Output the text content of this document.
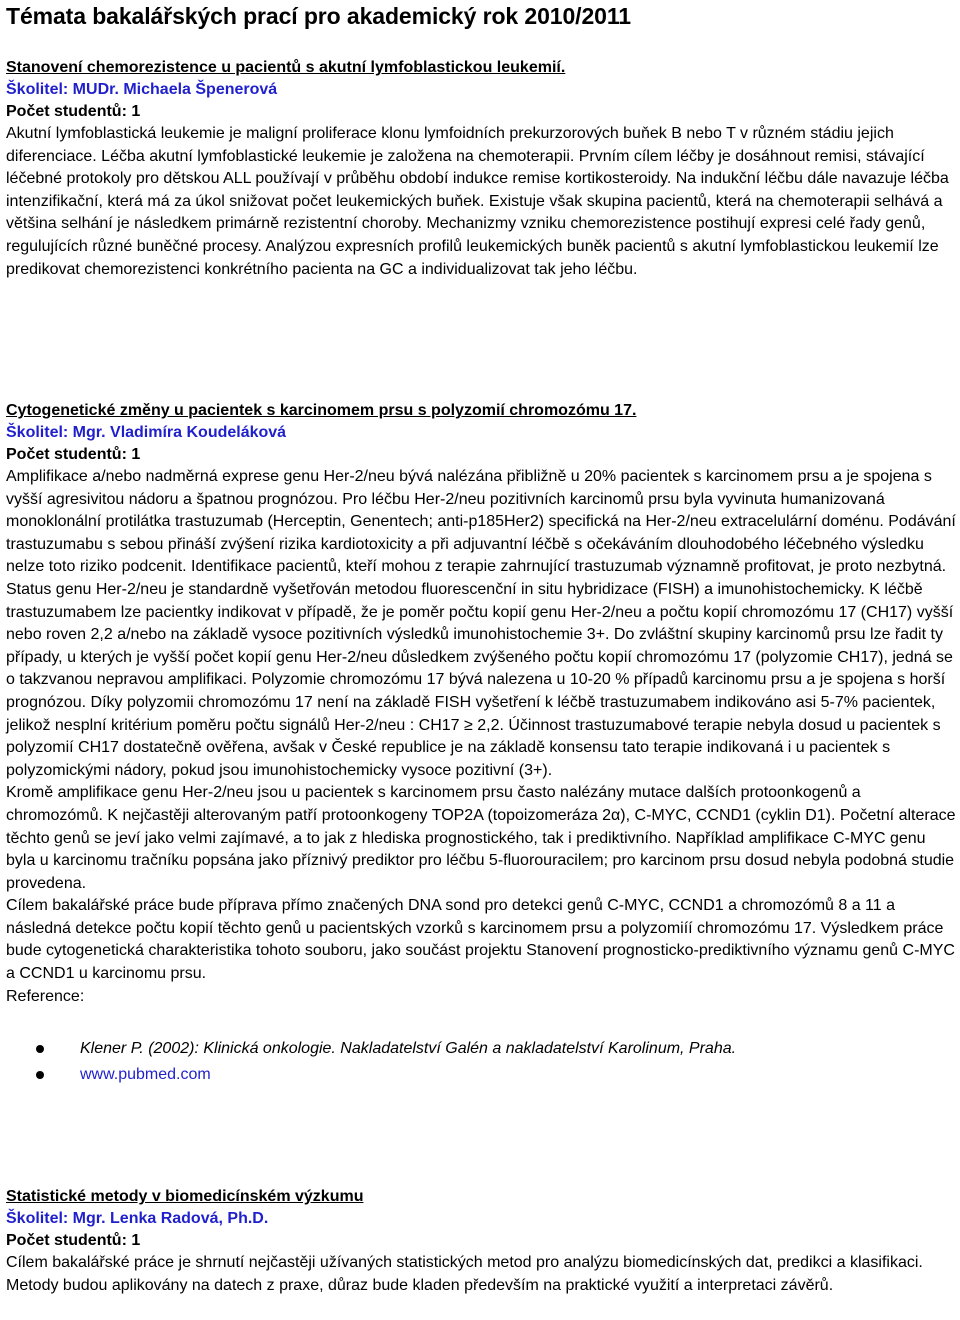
Témata bakalářských prací pro akademický rok 2010/2011
Stanovení chemorezistence u pacientů s akutní lymfoblastickou leukemií.
Školitel: MUDr. Michaela Špenerová
Počet studentů: 1

Akutní lymfoblastická leukemie je maligní proliferace klonu lymfoidních prekurzorových buňek B nebo T v různém stádiu jejich diferenciace. Léčba akutní lymfoblastické leukemie je založena na chemoterapii. Prvním cílem léčby je dosáhnout remisi, stávající léčebné protokoly pro dětskou ALL používají v průběhu období indukce remise kortikosteroidy. Na indukční léčbu dále navazuje léčba intenzifikační, která má za úkol snižovat počet leukemických buňek. Existuje však skupina pacientů, která na chemoterapii selhává a většina selhání je následkem primárně rezistentní choroby. Mechanizmy vzniku chemorezistence postihují expresi celé řady genů, regulujících různé buněčné procesy. Analýzou expresních profilů leukemických buněk pacientů s akutní lymfoblastickou leukemií lze predikovat chemorezistenci konkrétního pacienta na GC a individualizovat tak jeho léčbu.

Cytogenetické změny u pacientek s karcinomem prsu s polyzomií chromozómu 17.
Školitel: Mgr. Vladimíra Koudeláková
Počet studentů: 1

Amplifikace a/nebo nadměrná exprese genu Her-2/neu bývá nalézána přibližně u 20% pacientek s karcinomem prsu a je spojena s vyšší agresivitou nádoru a špatnou prognózou. Pro léčbu Her-2/neu pozitivních karcinomů prsu byla vyvinuta humanizovaná monoklonální protilátka trastuzumab (Herceptin, Genentech; anti-p185Her2) specifická na Her-2/neu extracelulární doménu. Podávání trastuzumabu s sebou přináší zvýšení rizika kardiotoxicity a při adjuvantní léčbě s očekáváním dlouhodobého léčebného výsledku nelze toto riziko podcenit. Identifikace pacientů, kteří mohou z terapie zahrnující trastuzumab významně profitovat, je proto nezbytná. Status genu Her-2/neu je standardně vyšetřován metodou fluorescenční in situ hybridizace (FISH) a imunohistochemicky. K léčbě trastuzumabem lze pacientky indikovat v případě, že je poměr počtu kopií genu Her-2/neu a počtu kopií chromozómu 17 (CH17) vyšší nebo roven 2,2 a/nebo na základě vysoce pozitivních výsledků imunohistochemie 3+. Do zvláštní skupiny karcinomů prsu lze řadit ty případy, u kterých je vyšší počet kopií genu Her-2/neu důsledkem zvýšeného počtu kopií chromozómu 17 (polyzomie CH17), jedná se o takzvanou nepravou amplifikaci. Polyzomie chromozómu 17 bývá nalezena u 10-20 % případů karcinomu prsu a je spojena s horší prognózou. Díky polyzomii chromozómu 17 není na základě FISH vyšetření k léčbě trastuzumabem indikováno asi 5-7% pacientek, jelikož nesplní kritérium poměru počtu signálů Her-2/neu : CH17 ≥ 2,2. Účinnost trastuzumabové terapie nebyla dosud u pacientek s polyzomií CH17 dostatečně ověřena, avšak v České republice je na základě konsensu tato terapie indikovaná i u pacientek s polyzomickými nádory, pokud jsou imunohistochemicky vysoce pozitivní (3+).

Kromě amplifikace genu Her-2/neu jsou u pacientek s karcinomem prsu často nalézány mutace dalších protoonkogenů a chromozómů. K nejčastěji alterovaným patří protoonkogeny TOP2A (topoizomeráza 2α), C-MYC, CCND1 (cyklin D1). Početní alterace těchto genů se jeví jako velmi zajímavé, a to jak z hlediska prognostického, tak i prediktivního. Například amplifikace C-MYC genu byla u karcinomu tračníku popsána jako příznivý prediktor pro léčbu 5-fluorouracilem; pro karcinom prsu dosud nebyla podobná studie provedena.

Cílem bakalářské práce bude příprava přímo značených DNA sond pro detekci genů C-MYC, CCND1 a chromozómů 8 a 11 a následná detekce počtu kopií těchto genů u pacientských vzorků s karcinomem prsu a polyzomiíí chromozómu 17. Výsledkem práce bude cytogenetická charakteristika tohoto souboru, jako součást projektu Stanovení prognosticko-prediktivního významu genů C-MYC a CCND1 u karcinomu prsu.

Reference:
Klener P. (2002): Klinická onkologie. Nakladatelství Galén a nakladatelství Karolinum, Praha.
www.pubmed.com
Statistické metody v biomedicínském výzkumu
Školitel: Mgr. Lenka Radová, Ph.D.
Počet studentů: 1

Cílem bakalářské práce je shrnutí nejčastěji užívaných statistických metod pro analýzu biomedicínských dat, predikci a klasifikaci. Metody budou aplikovány na datech z praxe, důraz bude kladen především na praktické využití a interpretaci závěrů.
